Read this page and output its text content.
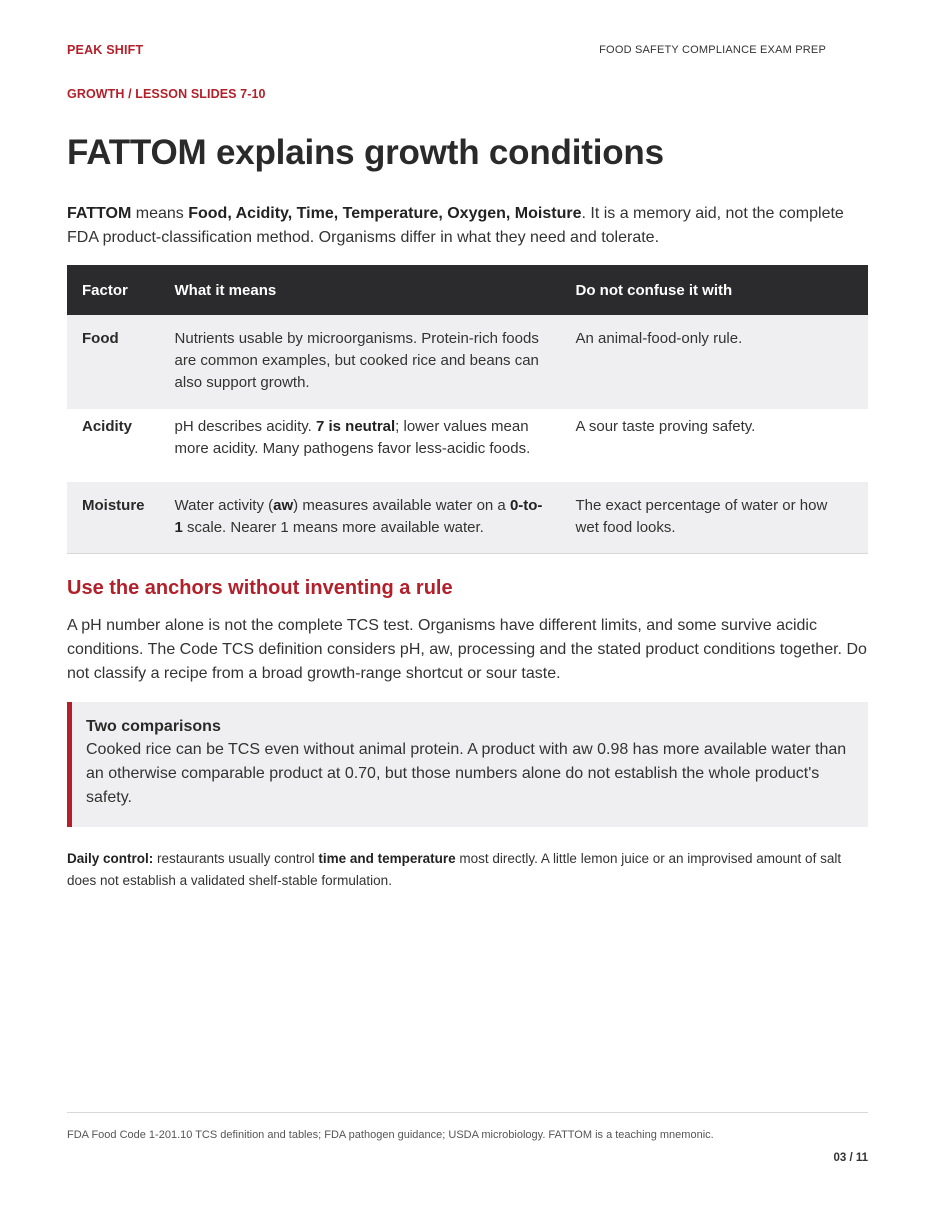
PEAK SHIFT	FOOD SAFETY COMPLIANCE EXAM PREP
GROWTH / LESSON SLIDES 7-10
FATTOM explains growth conditions

FATTOM means Food, Acidity, Time, Temperature, Oxygen, Moisture. It is a memory aid, not the complete FDA product-classification method. Organisms differ in what they need and tolerate.

Factor	What it means	Do not confuse it with
Food	Nutrients usable by microorganisms. Protein-rich foods are common examples, but cooked rice and beans can also support growth.	An animal-food-only rule.
Acidity	pH describes acidity. 7 is neutral; lower values mean more acidity. Many pathogens favor less-acidic foods.	A sour taste proving safety.
Moisture	Water activity (aw) measures available water on a 0-to-1 scale. Nearer 1 means more available water.	The exact percentage of water or how wet food looks.
Use the anchors without inventing a rule

A pH number alone is not the complete TCS test. Organisms have different limits, and some survive acidic conditions. The Code TCS definition considers pH, aw, processing and the stated product conditions together. Do not classify a recipe from a broad growth-range shortcut or sour taste.

Two comparisons
Cooked rice can be TCS even without animal protein. A product with aw 0.98 has more available water than an otherwise comparable product at 0.70, but those numbers alone do not establish the whole product's safety.

Daily control: restaurants usually control time and temperature most directly. A little lemon juice or an improvised amount of salt does not establish a validated shelf-stable formulation.

FDA Food Code 1-201.10 TCS definition and tables; FDA pathogen guidance; USDA microbiology. FATTOM is a teaching mnemonic.
03 / 11
